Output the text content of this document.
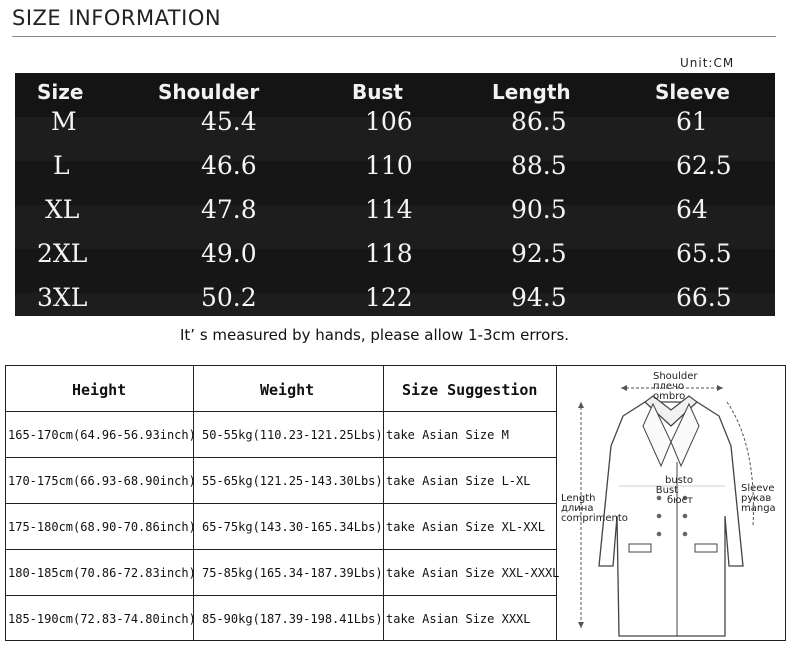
SIZE INFORMATION
Unit:CM
Size	Shoulder	Bust	Length	Sleeve
M	45.4	106	86.5	61
L	46.6	110	88.5	62.5
XL	47.8	114	90.5	64
2XL	49.0	118	92.5	65.5
3XL	50.2	122	94.5	66.5
It’ s measured by hands, please allow 1-3cm errors.
Height	Weight	Size Suggestion
165-170cm(64.96-56.93inch) 50-55kg(110.23-121.25Lbs) take Asian Size M
170-175cm(66.93-68.90inch) 55-65kg(121.25-143.30Lbs) take Asian Size L-XL
175-180cm(68.90-70.86inch) 65-75kg(143.30-165.34Lbs) take Asian Size XL-XXL
180-185cm(70.86-72.83inch) 75-85kg(165.34-187.39Lbs) take Asian Size XXL-XXXL
185-190cm(72.83-74.80inch) 85-90kg(187.39-198.41Lbs) take Asian Size XXXL
Shoulder
плечо
ombro
busto
Bust
бюст
Length
длина
comprimento
Sleeve
рукав
manga
